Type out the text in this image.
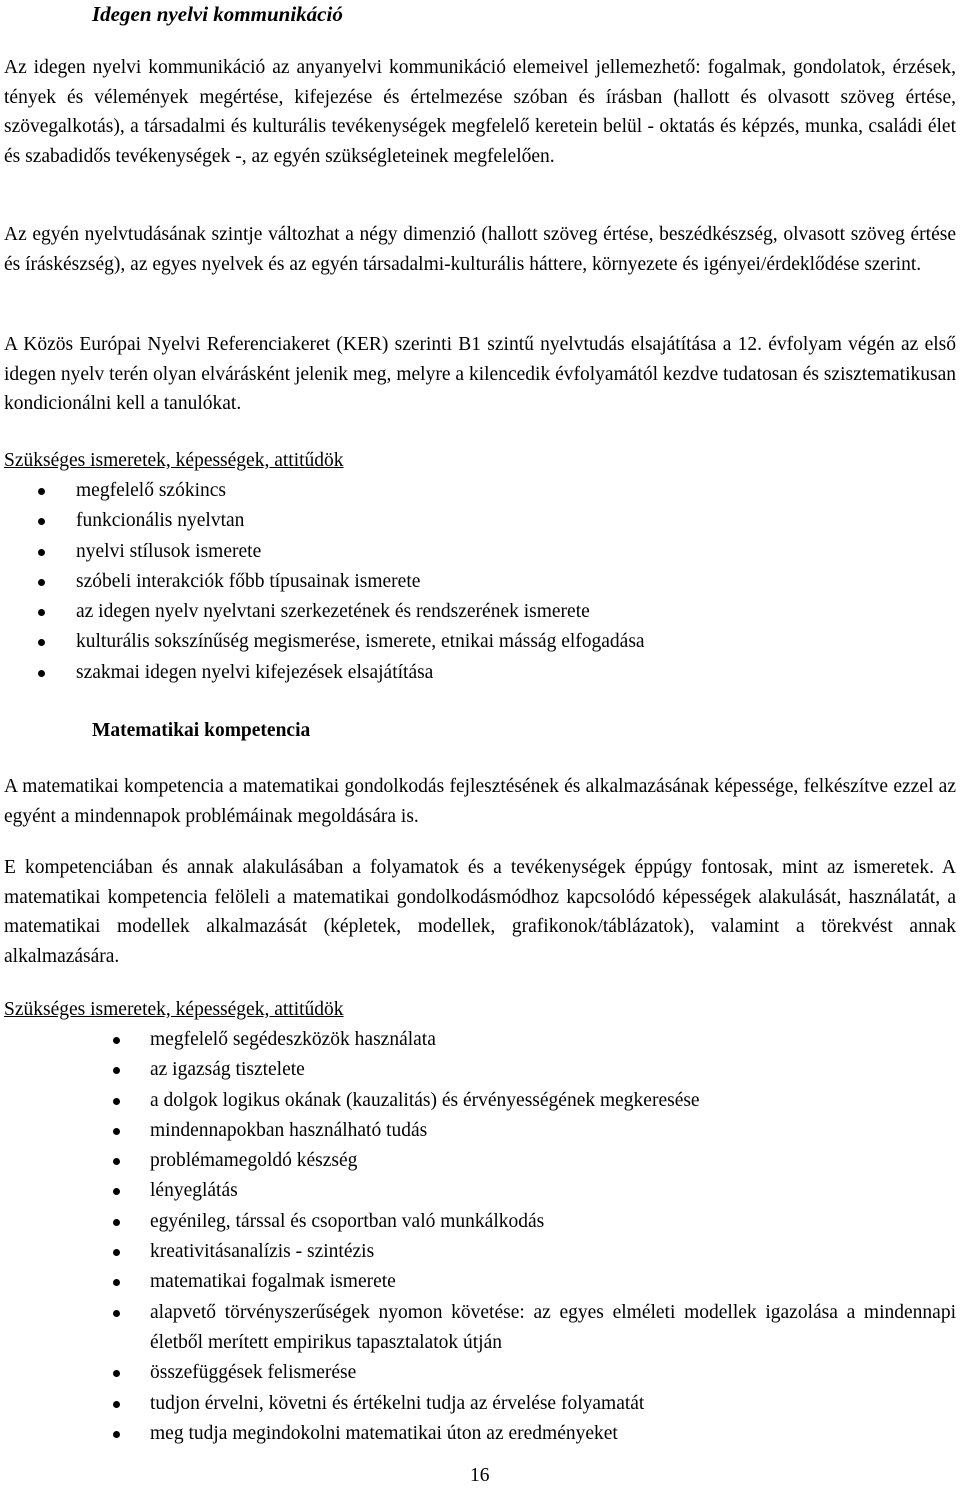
Idegen nyelvi kommunikáció

Az idegen nyelvi kommunikáció az anyanyelvi kommunikáció elemeivel jellemezhető: fogalmak, gondolatok, érzések, tények és vélemények megértése, kifejezése és értelmezése szóban és írásban (hallott és olvasott szöveg értése, szövegalkotás), a társadalmi és kulturális tevékenységek megfelelő keretein belül - oktatás és képzés, munka, családi élet és szabadidős tevékenységek -, az egyén szükségleteinek megfelelően.

Az egyén nyelvtudásának szintje változhat a négy dimenzió (hallott szöveg értése, beszédkészség, olvasott szöveg értése és íráskészség), az egyes nyelvek és az egyén társadalmi-kulturális háttere, környezete és igényei/érdeklődése szerint.

A Közös Európai Nyelvi Referenciakeret (KER) szerinti B1 szintű nyelvtudás elsajátítása a 12. évfolyam végén az első idegen nyelv terén olyan elvárásként jelenik meg, melyre a kilencedik évfolyamától kezdve tudatosan és szisztematikusan kondicionálni kell a tanulókat.

Szükséges ismeretek, képességek, attitűdök
megfelelő szókincs
funkcionális nyelvtan
nyelvi stílusok ismerete
szóbeli interakciók főbb típusainak ismerete
az idegen nyelv nyelvtani szerkezetének és rendszerének ismerete
kulturális sokszínűség megismerése, ismerete, etnikai másság elfogadása
szakmai idegen nyelvi kifejezések elsajátítása
Matematikai kompetencia

A matematikai kompetencia a matematikai gondolkodás fejlesztésének és alkalmazásának képessége, felkészítve ezzel az egyént a mindennapok problémáinak megoldására is.

E kompetenciában és annak alakulásában a folyamatok és a tevékenységek éppúgy fontosak, mint az ismeretek. A matematikai kompetencia felöleli a matematikai gondolkodásmódhoz kapcsolódó képességek alakulását, használatát, a matematikai modellek alkalmazását (képletek, modellek, grafikonok/táblázatok), valamint a törekvést annak alkalmazására.

Szükséges ismeretek, képességek, attitűdök
megfelelő segédeszközök használata
az igazság tisztelete
a dolgok logikus okának (kauzalitás) és érvényességének megkeresése
mindennapokban használható tudás
problémamegoldó készség
lényeglátás
egyénileg, társsal és csoportban való munkálkodás
kreativitásanalízis - szintézis
matematikai fogalmak ismerete
alapvető törvényszerűségek nyomon követése: az egyes elméleti modellek igazolása a mindennapi életből merített empirikus tapasztalatok útján
összefüggések felismerése
tudjon érvelni, követni és értékelni tudja az érvelése folyamatát
meg tudja megindokolni matematikai úton az eredményeket
16
